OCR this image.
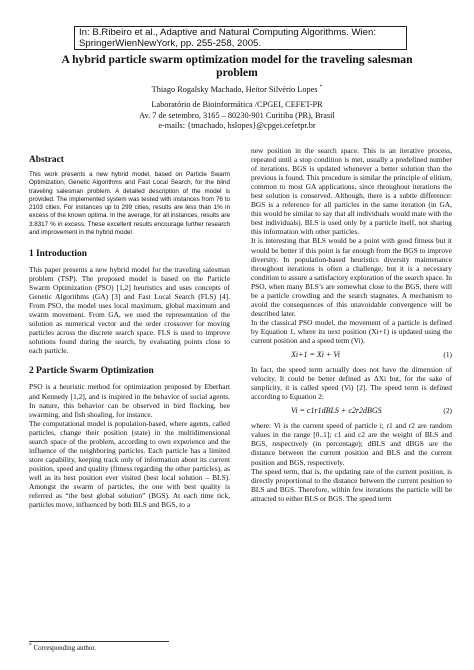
In: B.Ribeiro et al., Adaptive and Natural Computing Algorithms. Wien:
SpringerWienNewYork, pp. 255-258, 2005.
A hybrid particle swarm optimization model for the traveling salesman
problem
Thiago Rogalsky Machado, Heitor Silvério Lopes *
Laboratório de Bioinformática /CPGEI, CEFET-PR
Av. 7 de setembro, 3165 – 80230-901 Curitiba (PR), Brasil
e-mails: {tmachado, hslopes}@cpgei.cefetpr.br
Abstract

This work presents a new hybrid model, based on Particle Swarm Optimization, Genetic Algorithms and Fast Local Search, for the blind traveling salesman problem. A detailed description of the model is provided. The implemented system was tested with instances from 76 to 2103 cities. For instances up to 299 cities, results are less than 1% in excess of the known optima. In the average, for all instances, results are 3.8317 % in excess. These excellent results encourage further research and improvement in the hybrid model

1 Introduction

This paper presents a new hybrid model for the traveling salesman problem (TSP). The proposed model is based on the Particle Swarm Optimization (PSO) [1,2] heuristics and uses concepts of Genetic Algorithms (GA) [3] and Fast Local Search (FLS) [4]. From PSO, the model uses local maximum, global maximum and swarm movement. From GA, we used the representation of the solution as numerical vector and the order crossover for moving particles across the discrete search space. FLS is used to improve solutions found during the search, by evaluating points close to each particle.

2 Particle Swarm Optimization

PSO is a heuristic method for optimization proposed by Eberhart and Kennedy [1,2], and is inspired in the behavior of social agents. In nature, this behavior can be observed in bird flocking, bee swarming, and fish shoaling, for instance.

The computational model is population-based, where agents, called particles, change their position (state) in the multidimensional search space of the problem, according to own experience and the influence of the neighboring particles. Each particle has a limited store capability, keeping track only of information about its current position, speed and quality (fitness regarding the other particles), as well as its best position ever visited (best local solution – BLS). Amongst the swarm of particles, the one with best quality is referred as “the best global solution” (BGS). At each time tick, particles move, influenced by both BLS and BGS, to a

new position in the search space. This is an iterative process, repeated until a stop condition is met, usually a predefined number of iterations. BGS is updated whenever a better solution than the previous is found. This procedure is similar the principle of elitism, common to most GA applications, since throughout iterations the best solution is conserved. Although, there is a subtle difference: BGS is a reference for all particles in the same iteration (in GA, this would be similar to say that all individuals would mate with the best individuals). BLS is used only by a particle itself, not sharing this information with other particles.

It is interesting that BLS would be a point with good fitness but it would be better if this point is far enough from the BGS to improve diversity. In population-based heuristics diversity maintenance throughout iterations is often a challenge, but it is a necessary condition to assure a satisfactory exploration of the search space. In PSO, when many BLS’s are somewhat close to the BGS, there will be a particle crowding and the search stagnates. A mechanism to avoid the consequences of this unavoidable convergence will be described later.

In the classical PSO model, the movement of a particle is defined by Equation 1, where its next position (Xi+1) is updated using the current position and a speed term (Vi).

Xi+1 = Xi + Vi	(1)

In fact, the speed term actually does not have the dimension of velocity. It could be better defined as ΔXi but, for the sake of simplicity, it is called speed (Vi) [2]. The speed term is defined according to Equation 2:

Vi = c1r1dBLS + c2r2dBGS	(2)

where: Vi is the current speed of particle i; r1 and r2 are random values in the range [0..1]; c1 and c2 are the weight of BLS and BGS, respectively (in percentage); dBLS and dBGS are the distance between the current position and BLS and the current position and BGS, respectively.

The speed term, that is, the updating rate of the current position, is directly proportional to the distance between the current position to BLS and BGS. Therefore, within few iterations the particle will be attracted to either BLS or BGS. The speed term

* Corresponding author.
